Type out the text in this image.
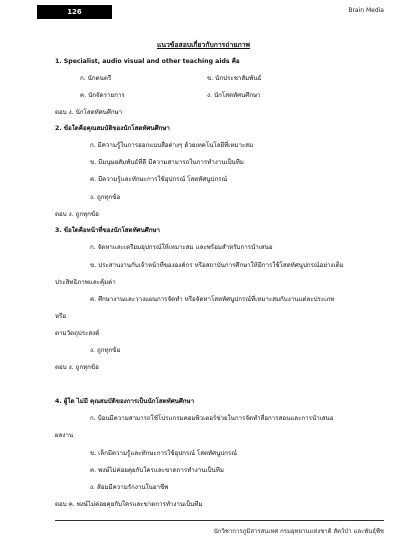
126	Brain Media
แนวข้อสอบเกี่ยวกับการถ่ายภาพ
1. Specialist, audio visual and other teaching aids คือ
ก. นักดนตรี	ข. นักประชาสัมพันธ์
ค. นักจัดรายการ	ง. นักโสตทัศนศึกษา
ตอบ ง. นักโสตทัศนศึกษา
2. ข้อใดคือคุณสมบัติของนักโสตทัศนศึกษา
ก. มีความรู้ในการออกแบบสื่อต่างๆ ด้วยเทคโนโลยีที่เหมาะสม
ข. มีมนุษยสัมพันธ์ที่ดี มีความสามารถในการทำงานเป็นทีม
ค. มีความรู้และทักษะการใช้อุปกรณ์ โสตทัศนูปกรณ์
ง. ถูกทุกข้อ
ตอบ ง. ถูกทุกข้อ
3. ข้อใดคือหน้าที่ของนักโสตทัศนศึกษา
ก. จัดหาและเตรียมอุปกรณ์ให้เหมาะสม และพร้อมสำหรับการนำเสนอ
ข. ประสานงานกับเจ้าหน้าที่ขององค์กร หรือสถาบันการศึกษาให้มีการใช้โสตทัศนูปกรณ์อย่างเต็ม
ประสิทธิภาพและคุ้มค่า
ค. ศึกษางานและวางแผนการจัดทำ หรือจัดหาโสตทัศนูปกรณ์ที่เหมาะสมกับงานแต่ละประเภท
หรือ
ตามวัตถุประสงค์
ง. ถูกทุกข้อ
ตอบ ง. ถูกทุกข้อ
4. ผู้ใด ไม่มี คุณสมบัติของการเป็นนักโสตทัศนศึกษา
ก. ป้อนมีความสามารถใช้โปรแกรมคอมพิวเตอร์ช่วยในการจัดทำสื่อการสอนและการนำเสนอ
ผลงาน
ข. เล็กมีความรู้และทักษะการใช้อุปกรณ์ โสตทัศนูปกรณ์
ค. พงษ์ไม่ค่อยคุยกับใครและขาดการทำงานเป็นทีม
ง. ส้อมมีความรักงานในอาชีพ
ตอบ ค. พงษ์ไม่ค่อยคุยกับใครและขาดการทำงานเป็นทีม
นักวิชาการภูมิสารสนเทศ กรมอุทยานแห่งชาติ สัตว์ป่า และพันธุ์พืช
